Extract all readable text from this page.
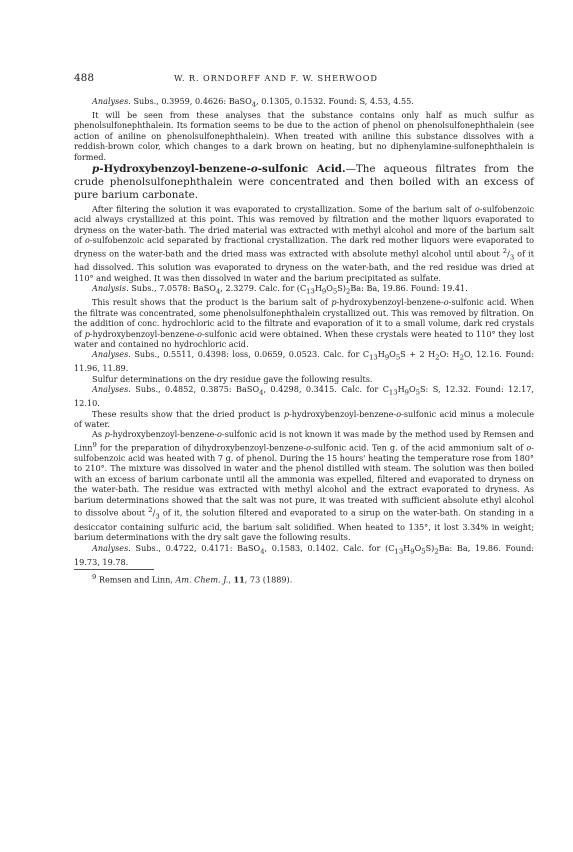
488	W. R. ORNDORFF AND F. W. SHERWOOD

Analyses. Subs., 0.3959, 0.4626: BaSO$_4$, 0.1305, 0.1532. Found: S, 4.53, 4.55.

It will be seen from these analyses that the substance contains only half as much sulfur as phenolsulfonephthalein. Its formation seems to be due to the action of phenol on phenolsulfonephthalein (see action of aniline on phenolsulfonephthalein). When treated with aniline this substance dissolves with a reddish-brown color, which changes to a dark brown on heating, but no diphenylamine-sulfonephthalein is formed.

p-Hydroxybenzoyl-benzene-o-sulfonic Acid.—The aqueous filtrates from the crude phenolsulfonephthalein were concentrated and then boiled with an excess of pure barium carbonate.

After filtering the solution it was evaporated to crystallization. Some of the barium salt of o-sulfobenzoic acid always crystallized at this point. This was removed by filtration and the mother liquors evaporated to dryness on the water-bath. The dried material was extracted with methyl alcohol and more of the barium salt of o-sulfobenzoic acid separated by fractional crystallization. The dark red mother liquors were evaporated to dryness on the water-bath and the dried mass was extracted with absolute methyl alcohol until about $^2/_3$ of it had dissolved. This solution was evaporated to dryness on the water-bath, and the red residue was dried at 110° and weighed. It was then dissolved in water and the barium precipitated as sulfate.

Analysis. Subs., 7.0578: BaSO$_4$, 2.3279. Calc. for $(C_{13}H_9O_5S)_2Ba$: Ba, 19.86. Found: 19.41.

This result shows that the product is the barium salt of p-hydroxybenzoyl-benzene-o-sulfonic acid. When the filtrate was concentrated, some phenolsulfonephthalein crystallized out. This was removed by filtration. On the addition of conc. hydrochloric acid to the filtrate and evaporation of it to a small volume, dark red crystals of p-hydroxybenzoyl-benzene-o-sulfonic acid were obtained. When these crystals were heated to 110° they lost water and contained no hydrochloric acid.

Analyses. Subs., 0.5511, 0.4398: loss, 0.0659, 0.0523. Calc. for $C_{13}H_9O_5S + 2$ $H_2O$: $H_2O$, 12.16. Found: 11.96, 11.89.

Sulfur determinations on the dry residue gave the following results.

Analyses. Subs., 0.4852, 0.3875: BaSO$_4$, 0.4298, 0.3415. Calc. for $C_{13}H_9O_5S$: S, 12.32. Found: 12.17, 12.10.

These results show that the dried product is p-hydroxybenzoyl-benzene-o-sulfonic acid minus a molecule of water.

As p-hydroxybenzoyl-benzene-o-sulfonic acid is not known it was made by the method used by Remsen and Linn$^9$ for the preparation of dihydroxybenzoyl-benzene-o-sulfonic acid. Ten g. of the acid ammonium salt of o-sulfobenzoic acid was heated with 7 g. of phenol. During the 15 hours' heating the temperature rose from 180° to 210°. The mixture was dissolved in water and the phenol distilled with steam. The solution was then boiled with an excess of barium carbonate until all the ammonia was expelled, filtered and evaporated to dryness on the water-bath. The residue was extracted with methyl alcohol and the extract evaporated to dryness. As barium determinations showed that the salt was not pure, it was treated with sufficient absolute ethyl alcohol to dissolve about $^2/_3$ of it, the solution filtered and evaporated to a sirup on the water-bath. On standing in a desiccator containing sulfuric acid, the barium salt solidified. When heated to 135°, it lost 3.34% in weight; barium determinations with the dry salt gave the following results.

Analyses. Subs., 0.4722, 0.4171: BaSO$_4$, 0.1583, 0.1402. Calc. for $(C_{13}H_9O_5S)_2Ba$: Ba, 19.86. Found: 19.73, 19.78.

$^9$ Remsen and Linn, Am. Chem. J., 11, 73 (1889).
